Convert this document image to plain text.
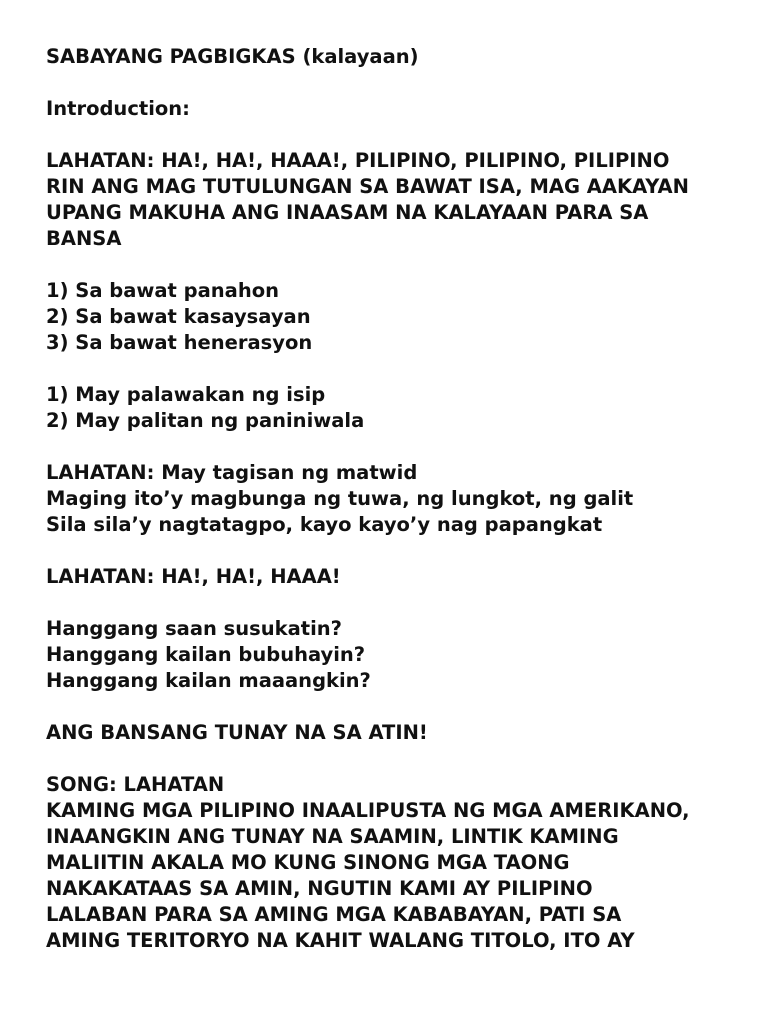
SABAYANG PAGBIGKAS (kalayaan)
Introduction:
LAHATAN: HA!, HA!, HAAA!, PILIPINO, PILIPINO, PILIPINO
RIN ANG MAG TUTULUNGAN SA BAWAT ISA, MAG AAKAYAN
UPANG MAKUHA ANG INAASAM NA KALAYAAN PARA SA
BANSA
1) Sa bawat panahon
2) Sa bawat kasaysayan
3) Sa bawat henerasyon
1) May palawakan ng isip
2) May palitan ng paniniwala
LAHATAN: May tagisan ng matwid
Maging ito’y magbunga ng tuwa, ng lungkot, ng galit
Sila sila’y nagtatagpo, kayo kayo’y nag papangkat
LAHATAN: HA!, HA!, HAAA!
Hanggang saan susukatin?
Hanggang kailan bubuhayin?
Hanggang kailan maaangkin?
ANG BANSANG TUNAY NA SA ATIN!
SONG: LAHATAN
KAMING MGA PILIPINO INAALIPUSTA NG MGA AMERIKANO,
INAANGKIN ANG TUNAY NA SAAMIN, LINTIK KAMING
MALIITIN AKALA MO KUNG SINONG MGA TAONG
NAKAKATAAS SA AMIN, NGUTIN KAMI AY PILIPINO
LALABAN PARA SA AMING MGA KABABAYAN, PATI SA
AMING TERITORYO NA KAHIT WALANG TITOLO, ITO AY
